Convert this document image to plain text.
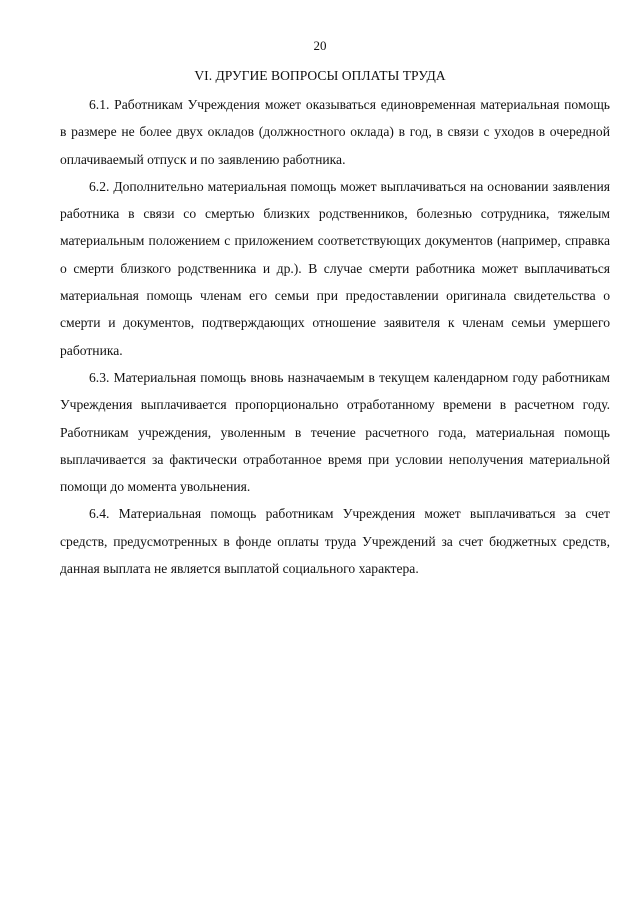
20
VI. ДРУГИЕ ВОПРОСЫ ОПЛАТЫ ТРУДА

6.1. Работникам Учреждения может оказываться единовременная материальная помощь в размере не более двух окладов (должностного оклада) в год, в связи с уходов в очередной оплачиваемый отпуск и по заявлению работника.

6.2. Дополнительно материальная помощь может выплачиваться на основании заявления работника в связи со смертью близких родственников, болезнью сотрудника, тяжелым материальным положением с приложением соответствующих документов (например, справка о смерти близкого родственника и др.). В случае смерти работника может выплачиваться материальная помощь членам его семьи при предоставлении оригинала свидетельства о смерти и документов, подтверждающих отношение заявителя к членам семьи умершего работника.

6.3. Материальная помощь вновь назначаемым в текущем календарном году работникам Учреждения выплачивается пропорционально отработанному времени в расчетном году. Работникам учреждения, уволенным в течение расчетного года, материальная помощь выплачивается за фактически отработанное время при условии неполучения материальной помощи до момента увольнения.

6.4. Материальная помощь работникам Учреждения может выплачиваться за счет средств, предусмотренных в фонде оплаты труда Учреждений за счет бюджетных средств, данная выплата не является выплатой социального характера.
